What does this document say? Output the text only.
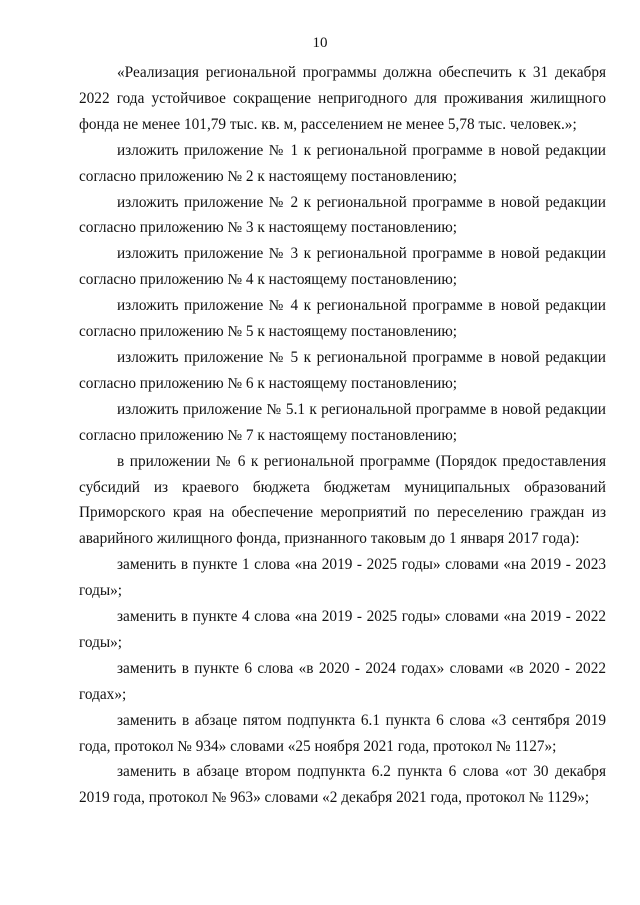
10

«Реализация региональной программы должна обеспечить к 31 декабря 2022 года устойчивое сокращение непригодного для проживания жилищного фонда не менее 101,79 тыс. кв. м, расселением не менее 5,78 тыс. человек.»;

изложить приложение № 1 к региональной программе в новой редакции согласно приложению № 2 к настоящему постановлению;

изложить приложение № 2 к региональной программе в новой редакции согласно приложению № 3 к настоящему постановлению;

изложить приложение № 3 к региональной программе в новой редакции согласно приложению № 4 к настоящему постановлению;

изложить приложение № 4 к региональной программе в новой редакции согласно приложению № 5 к настоящему постановлению;

изложить приложение № 5 к региональной программе в новой редакции согласно приложению № 6 к настоящему постановлению;

изложить приложение № 5.1 к региональной программе в новой редакции согласно приложению № 7 к настоящему постановлению;

в приложении № 6 к региональной программе (Порядок предоставления субсидий из краевого бюджета бюджетам муниципальных образований Приморского края на обеспечение мероприятий по переселению граждан из аварийного жилищного фонда, признанного таковым до 1 января 2017 года):

заменить в пункте 1 слова «на 2019 - 2025 годы» словами «на 2019 - 2023 годы»;

заменить в пункте 4 слова «на 2019 - 2025 годы» словами «на 2019 - 2022 годы»;

заменить в пункте 6 слова «в 2020 - 2024 годах» словами «в 2020 - 2022 годах»;

заменить в абзаце пятом подпункта 6.1 пункта 6 слова «3 сентября 2019 года, протокол № 934» словами «25 ноября 2021 года, протокол № 1127»;

заменить в абзаце втором подпункта 6.2 пункта 6 слова «от 30 декабря 2019 года, протокол № 963» словами «2 декабря 2021 года, протокол № 1129»;
